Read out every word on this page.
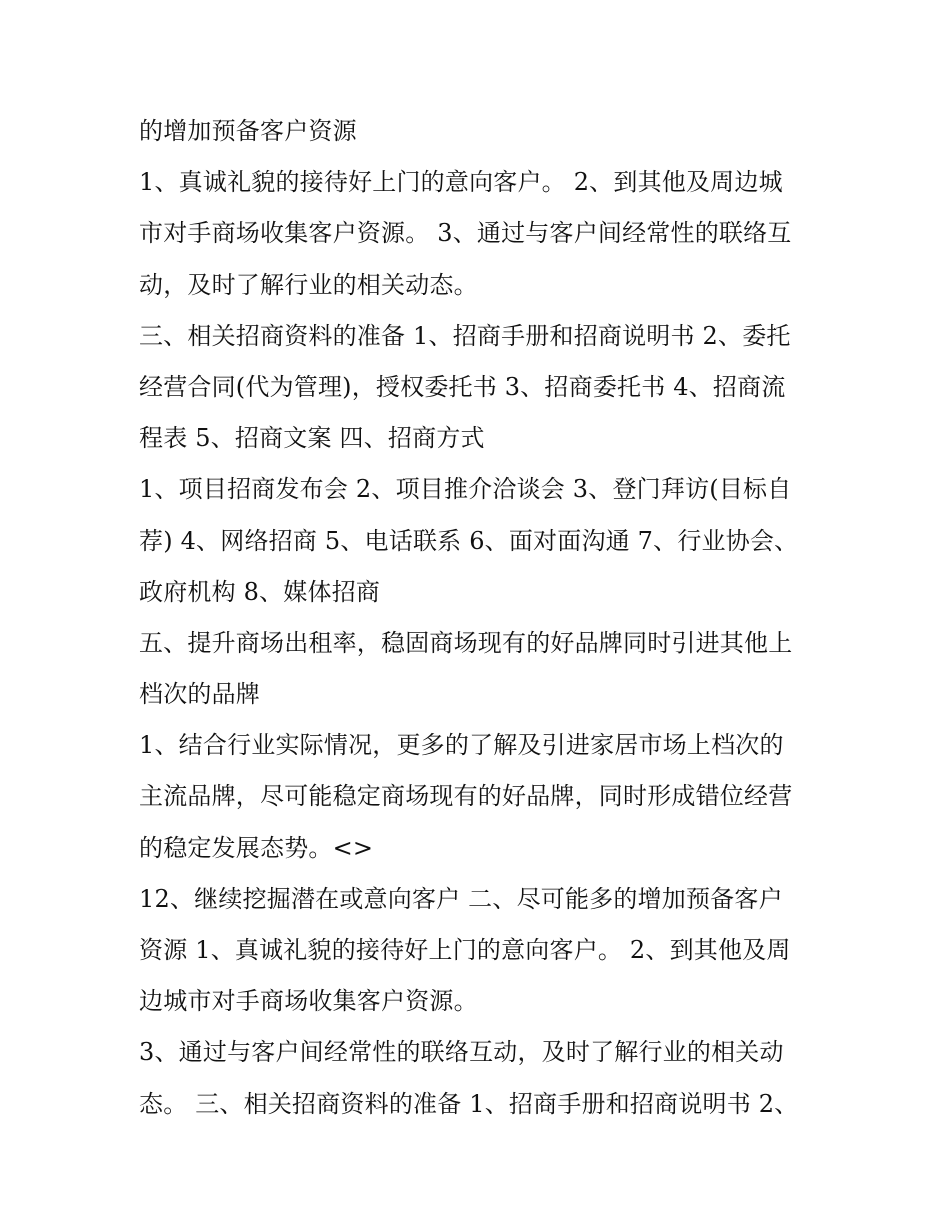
的增加预备客户资源
1、真诚礼貌的接待好上门的意向客户。 2、到其他及周边城
市对手商场收集客户资源。 3、通过与客户间经常性的联络互
动，及时了解行业的相关动态。
三、相关招商资料的准备 1、招商手册和招商说明书 2、委托
经营合同(代为管理)，授权委托书 3、招商委托书 4、招商流
程表 5、招商文案 四、招商方式
1、项目招商发布会 2、项目推介洽谈会 3、登门拜访(目标自
荐) 4、网络招商 5、电话联系 6、面对面沟通 7、行业协会、
政府机构 8、媒体招商
五、提升商场出租率，稳固商场现有的好品牌同时引进其他上
档次的品牌
1、结合行业实际情况，更多的了解及引进家居市场上档次的
主流品牌，尽可能稳定商场现有的好品牌，同时形成错位经营
的稳定发展态势。<>
12、继续挖掘潜在或意向客户 二、尽可能多的增加预备客户
资源 1、真诚礼貌的接待好上门的意向客户。 2、到其他及周
边城市对手商场收集客户资源。
3、通过与客户间经常性的联络互动，及时了解行业的相关动
态。 三、相关招商资料的准备 1、招商手册和招商说明书 2、
